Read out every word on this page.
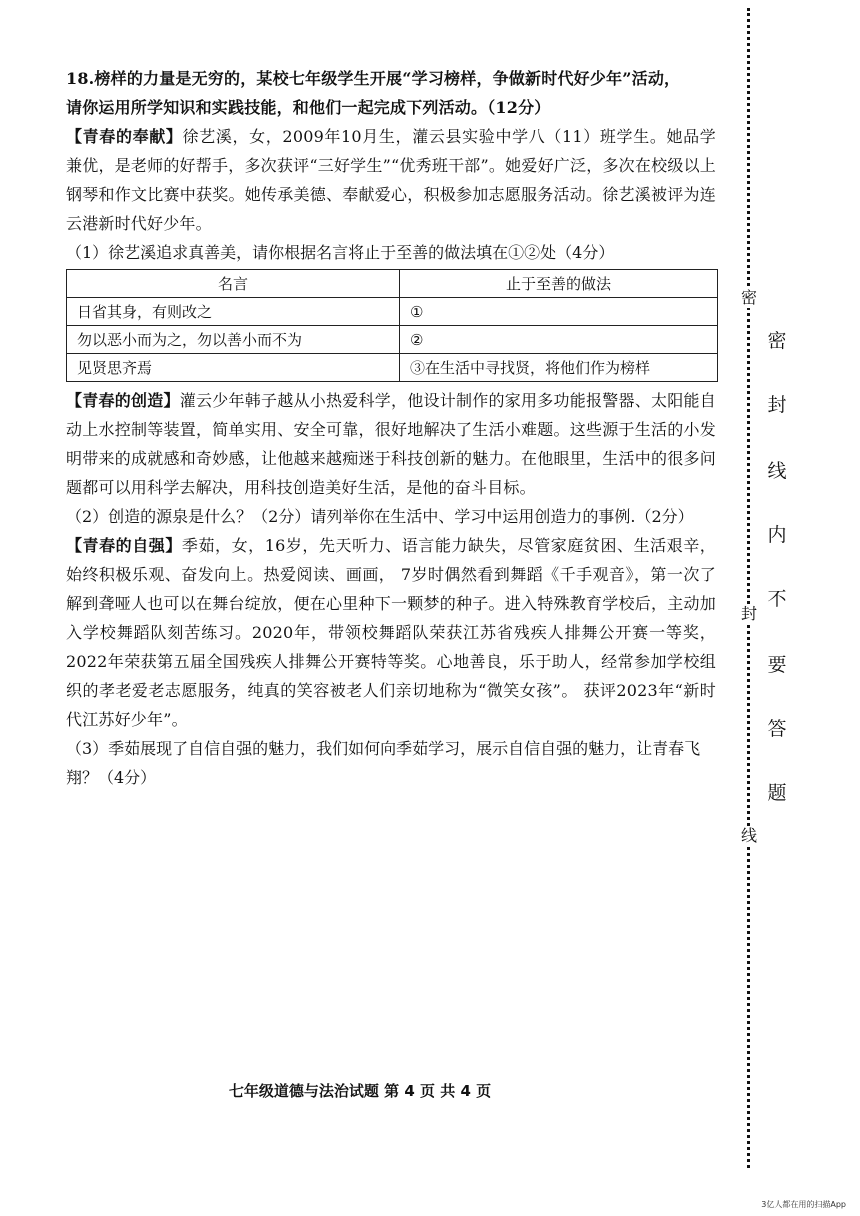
18.榜样的力量是无穷的，某校七年级学生开展“学习榜样，争做新时代好少年”活动，

请你运用所学知识和实践技能，和他们一起完成下列活动。（12分）

【青春的奉献】徐艺溪，女，2009年10月生，灌云县实验中学八（11）班学生。她品学兼优，是老师的好帮手，多次获评“三好学生”“优秀班干部”。她爱好广泛，多次在校级以上钢琴和作文比赛中获奖。她传承美德、奉献爱心，积极参加志愿服务活动。徐艺溪被评为连云港新时代好少年。

（1）徐艺溪追求真善美，请你根据名言将止于至善的做法填在①②处（4分）

名言	止于至善的做法
日省其身，有则改之	①
勿以恶小而为之，勿以善小而不为	②
见贤思齐焉	③在生活中寻找贤，将他们作为榜样

【青春的创造】灌云少年韩子越从小热爱科学，他设计制作的家用多功能报警器、太阳能自动上水控制等装置，简单实用、安全可靠，很好地解决了生活小难题。这些源于生活的小发明带来的成就感和奇妙感，让他越来越痴迷于科技创新的魅力。在他眼里，生活中的很多问题都可以用科学去解决，用科技创造美好生活，是他的奋斗目标。

（2）创造的源泉是什么？（2分）请列举你在生活中、学习中运用创造力的事例.（2分）

【青春的自强】季茹，女，16岁，先天听力、语言能力缺失，尽管家庭贫困、生活艰辛，始终积极乐观、奋发向上。热爱阅读、画画， 7岁时偶然看到舞蹈《千手观音》，第一次了解到聋哑人也可以在舞台绽放，便在心里种下一颗梦的种子。进入特殊教育学校后，主动加入学校舞蹈队刻苦练习。2020年，带领校舞蹈队荣获江苏省残疾人排舞公开赛一等奖，2022年荣获第五届全国残疾人排舞公开赛特等奖。心地善良，乐于助人，经常参加学校组织的孝老爱老志愿服务，纯真的笑容被老人们亲切地称为“微笑女孩”。 获评2023年“新时代江苏好少年”。

（3）季茹展现了自信自强的魅力，我们如何向季茹学习，展示自信自强的魅力，让青春飞翔？（4分）

七年级道德与法治试题 第 4 页 共 4 页
密
封
线
密
封
线
内
不
要
答
题
3亿人都在用的扫描App
